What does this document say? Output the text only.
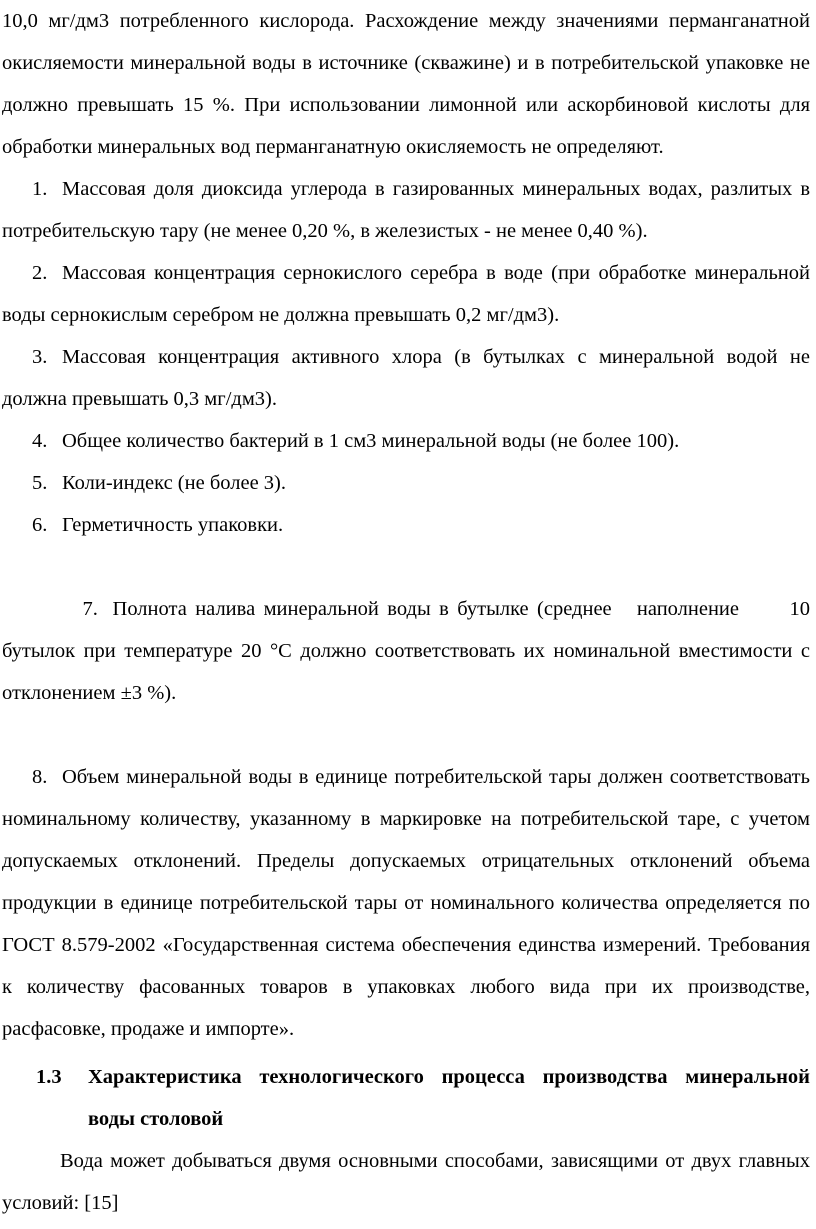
10,0 мг/дм3 потребленного кислорода. Расхождение между значениями перманганатной окисляемости минеральной воды в источнике (скважине) и в потребительской упаковке не должно превышать 15 %. При использовании лимонной или аскорбиновой кислоты для обработки минеральных вод перманганатную окисляемость не определяют.

1. Массовая доля диоксида углерода в газированных минеральных водах, разлитых в потребительскую тару (не менее 0,20 %, в железистых - не менее 0,40 %).
2. Массовая концентрация сернокислого серебра в воде (при обработке минеральной воды сернокислым серебром не должна превышать 0,2 мг/дм3).
3. Массовая концентрация активного хлора (в бутылках с минеральной водой не должна превышать 0,3 мг/дм3).
4. Общее количество бактерий в 1 см3 минеральной воды (не более 100).
5. Коли-индекс (не более 3).
6. Герметичность упаковки.

7. Полнота налива минеральной воды в бутылке (среднее   наполнение      10 бутылок при температуре 20 °С должно соответствовать их номинальной вместимости с отклонением ±3 %).

8. Объем минеральной воды в единице потребительской тары должен соответствовать номинальному количеству, указанному в маркировке на потребительской таре, с учетом допускаемых отклонений. Пределы допускаемых отрицательных отклонений объема продукции в единице потребительской тары от номинального количества определяется по ГОСТ 8.579-2002 «Государственная система обеспечения единства измерений. Требования к количеству фасованных товаров в упаковках любого вида при их производстве, расфасовке, продаже и импорте».
1.3	Характеристика технологического процесса производства минеральной воды столовой

Вода может добываться двумя основными способами, зависящими от двух главных условий: [15]
